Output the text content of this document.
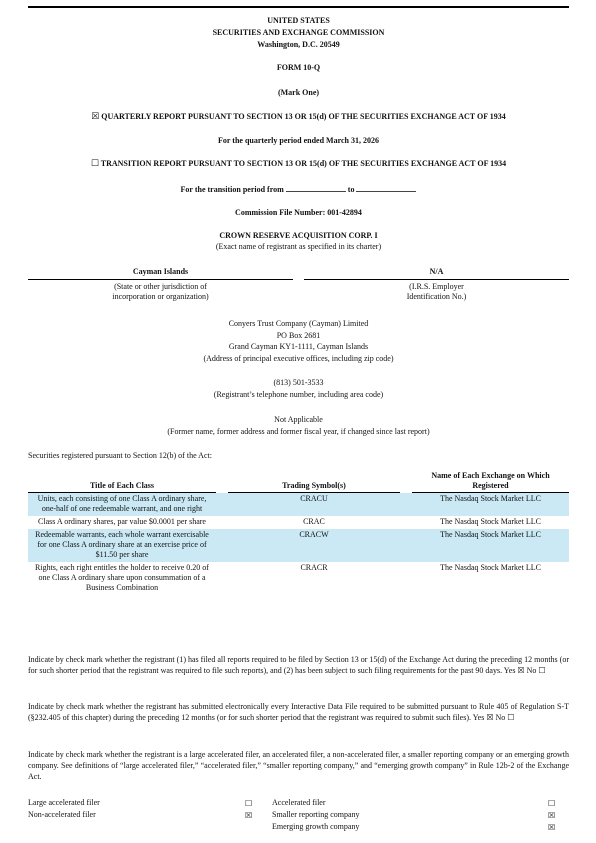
UNITED STATES
SECURITIES AND EXCHANGE COMMISSION
Washington, D.C. 20549
FORM 10-Q
(Mark One)
☒ QUARTERLY REPORT PURSUANT TO SECTION 13 OR 15(d) OF THE SECURITIES EXCHANGE ACT OF 1934
For the quarterly period ended March 31, 2026
☐ TRANSITION REPORT PURSUANT TO SECTION 13 OR 15(d) OF THE SECURITIES EXCHANGE ACT OF 1934
For the transition period from	to
Commission File Number: 001-42894
CROWN RESERVE ACQUISITION CORP. I
(Exact name of registrant as specified in its charter)
Cayman Islands
(State or other jurisdiction of
incorporation or organization)
N/A
(I.R.S. Employer
Identification No.)
Conyers Trust Company (Cayman) Limited
PO Box 2681
Grand Cayman KY1-1111, Cayman Islands
(Address of principal executive offices, including zip code)
(813) 501-3533
(Registrant’s telephone number, including area code)
Not Applicable
(Former name, former address and former fiscal year, if changed since last report)
Securities registered pursuant to Section 12(b) of the Act:
Title of Each Class		Trading Symbol(s)		Name of Each Exchange on Which Registered
Units, each consisting of one Class A ordinary share, one-half of one redeemable warrant, and one right		CRACU		The Nasdaq Stock Market LLC
Class A ordinary shares, par value $0.0001 per share		CRAC		The Nasdaq Stock Market LLC
Redeemable warrants, each whole warrant exercisable for one Class A ordinary share at an exercise price of $11.50 per share		CRACW		The Nasdaq Stock Market LLC
Rights, each right entitles the holder to receive 0.20 of one Class A ordinary share upon consummation of a Business Combination		CRACR		The Nasdaq Stock Market LLC
Indicate by check mark whether the registrant (1) has filed all reports required to be filed by Section 13 or 15(d) of the Exchange Act during the preceding 12 months (or for such shorter period that the registrant was required to file such reports), and (2) has been subject to such filing requirements for the past 90 days. Yes ☒ No ☐
Indicate by check mark whether the registrant has submitted electronically every Interactive Data File required to be submitted pursuant to Rule 405 of Regulation S-T (§232.405 of this chapter) during the preceding 12 months (or for such shorter period that the registrant was required to submit such files). Yes ☒ No ☐
Indicate by check mark whether the registrant is a large accelerated filer, an accelerated filer, a non-accelerated filer, a smaller reporting company or an emerging growth company. See definitions of “large accelerated filer,” “accelerated filer,” “smaller reporting company,” and “emerging growth company” in Rule 12b-2 of the Exchange Act.
Large accelerated filer	☐
Non-accelerated filer	☒
Accelerated filer	☐
Smaller reporting company	☒
Emerging growth company	☒
